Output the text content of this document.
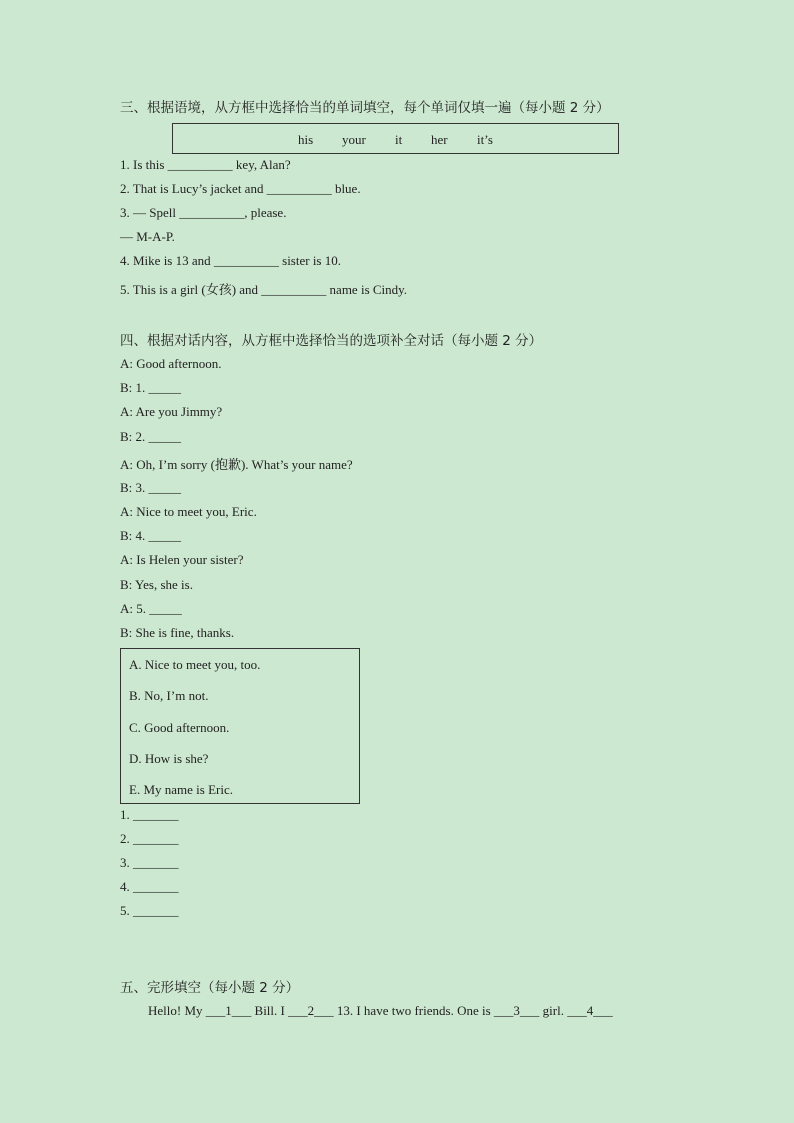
三、根据语境，从方框中选择恰当的单词填空，每个单词仅填一遍（每小题 2 分）
his your it her it’s
1. Is this __________ key, Alan?
2. That is Lucy’s jacket and __________ blue.
3. — Spell __________, please.
— M-A-P.
4. Mike is 13 and __________ sister is 10.
5. This is a girl (女孩) and __________ name is Cindy.
四、根据对话内容，从方框中选择恰当的选项补全对话（每小题 2 分）
A: Good afternoon.
B: 1. _____
A: Are you Jimmy?
B: 2. _____
A: Oh, I’m sorry (抱歉). What’s your name?
B: 3. _____
A: Nice to meet you, Eric.
B: 4. _____
A: Is Helen your sister?
B: Yes, she is.
A: 5. _____
B: She is fine, thanks.
A. Nice to meet you, too.
B. No, I’m not.
C. Good afternoon.
D. How is she?
E. My name is Eric.
1. _______
2. _______
3. _______
4. _______
5. _______
五、完形填空（每小题 2 分）
Hello! My ___1___ Bill. I ___2___ 13. I have two friends. One is ___3___ girl. ___4___
